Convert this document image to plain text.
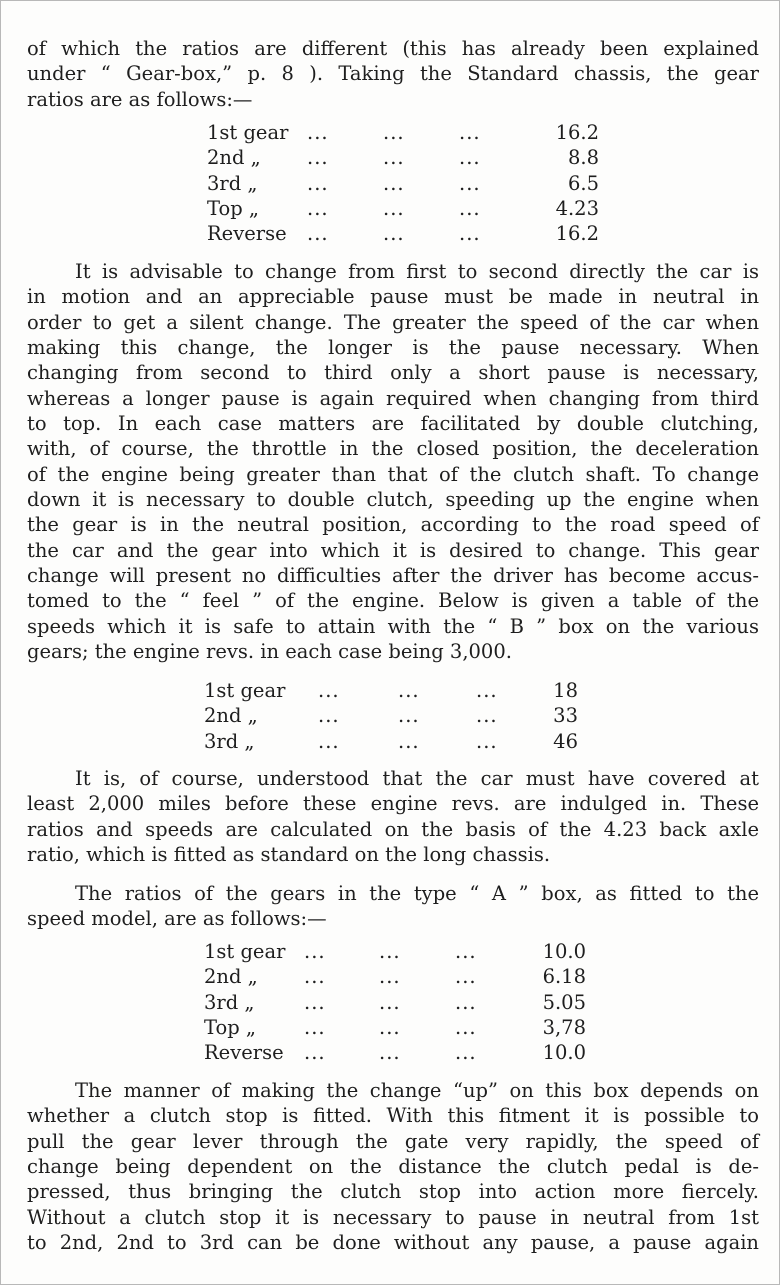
of which the ratios are different (this has already been explained
under “ Gear-box,” p. 8 ). Taking the Standard chassis, the gear
ratios are as follows:—
1st gear ...	...	...	16.2
2nd „ ...	...	...	8.8
3rd „	...	...	...	6.5
Top „ ...	...	...	4.23
Reverse ...	...	...	16.2
It is advisable to change from first to second directly the car is
in motion and an appreciable pause must be made in neutral in
order to get a silent change. The greater the speed of the car when
making this change, the longer is the pause necessary. When
changing from second to third only a short pause is necessary,
whereas a longer pause is again required when changing from third
to top. In each case matters are facilitated by double clutching,
with, of course, the throttle in the closed position, the deceleration
of the engine being greater than that of the clutch shaft. To change
down it is necessary to double clutch, speeding up the engine when
the gear is in the neutral position, according to the road speed of
the car and the gear into which it is desired to change. This gear
change will present no difficulties after the driver has become accus-
tomed to the “ feel ” of the engine. Below is given a table of the
speeds which it is safe to attain with the “ B ” box on the various
gears; the engine revs. in each case being 3,000.
1st gear ...	...	...	18
2nd „	...	...	...	33
3rd „	...	...	...	46
It is, of course, understood that the car must have covered at
least 2,000 miles before these engine revs. are indulged in. These
ratios and speeds are calculated on the basis of the 4.23 back axle
ratio, which is fitted as standard on the long chassis.
The ratios of the gears in the type “ A ” box, as fitted to the
speed model, are as follows:—
1st gear ...	...	...	10.0
2nd „ ...	...	...	6.18
3rd „	...	...	...	5.05
Top „ ...	...	...	3,78
Reverse ...	...	...	10.0
The manner of making the change “up” on this box depends on
whether a clutch stop is fitted. With this fitment it is possible to
pull the gear lever through the gate very rapidly, the speed of
change being dependent on the distance the clutch pedal is de-
pressed, thus bringing the clutch stop into action more fiercely.
Without a clutch stop it is necessary to pause in neutral from 1st
to 2nd, 2nd to 3rd can be done without any pause, a pause again
